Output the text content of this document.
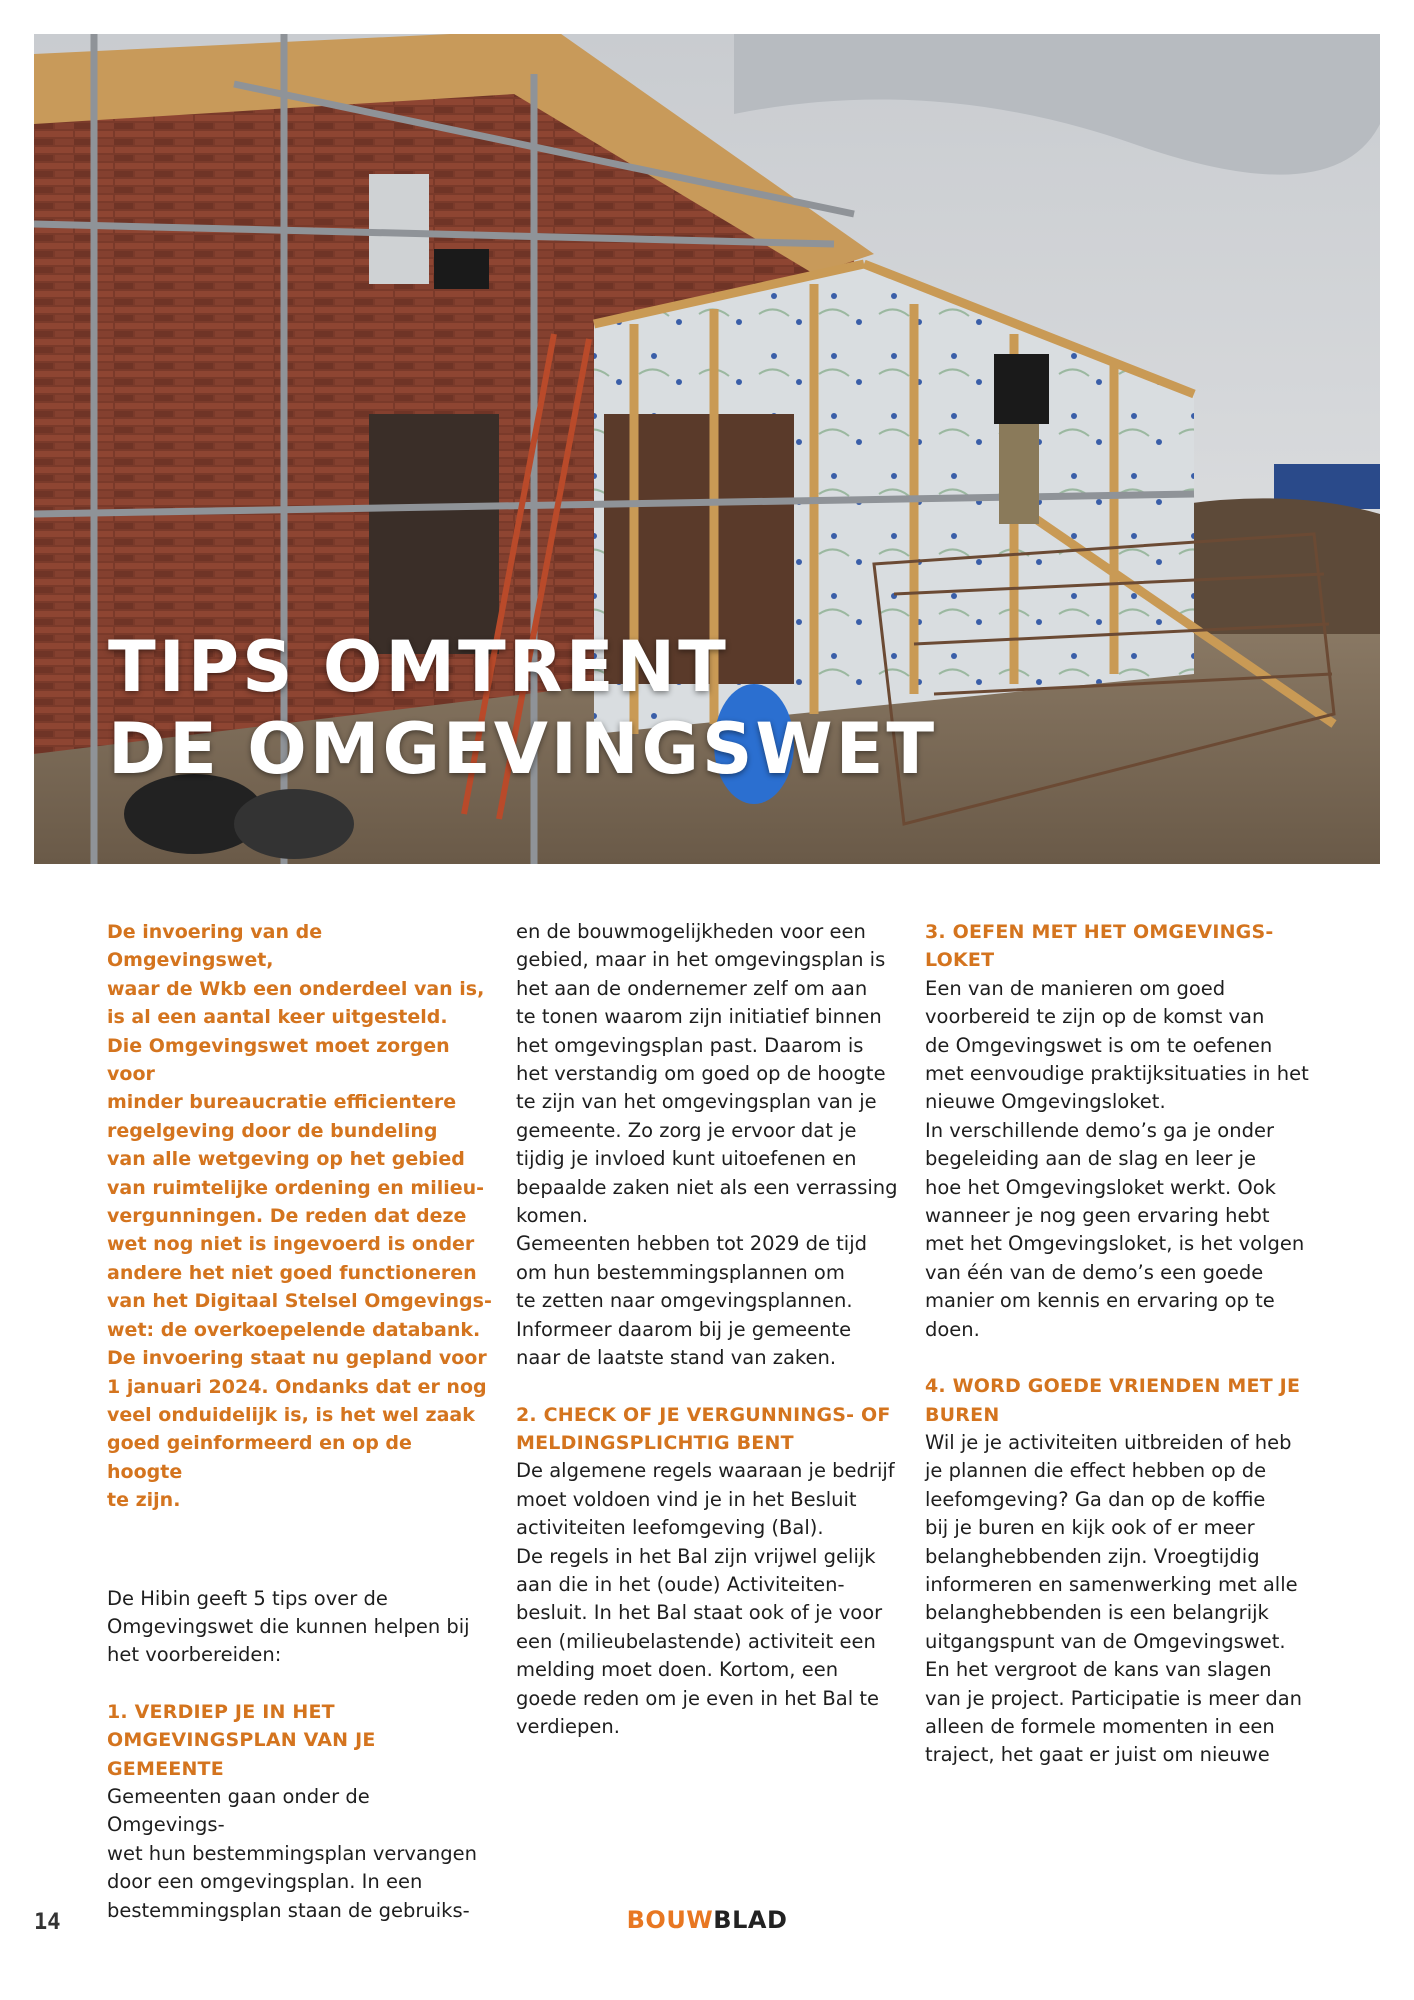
TIPS OMTRENT
DE OMGEVINGSWET

De invoering van de Omgevingswet,

waar de Wkb een onderdeel van is,

is al een aantal keer uitgesteld.

Die Omgevingswet moet zorgen voor

minder bureaucratie efficientere

regelgeving door de bundeling

van alle wetgeving op het gebied

van ruimtelijke ordening en milieu-

vergunningen. De reden dat deze

wet nog niet is ingevoerd is onder

andere het niet goed functioneren

van het Digitaal Stelsel Omgevings-

wet: de overkoepelende databank.

De invoering staat nu gepland voor

1 januari 2024. Ondanks dat er nog

veel onduidelijk is, is het wel zaak

goed geinformeerd en op de hoogte

te zijn.

De Hibin geeft 5 tips over de

Omgevingswet die kunnen helpen bij

het voorbereiden:

1. VERDIEP JE IN HET

OMGEVINGSPLAN VAN JE GEMEENTE

Gemeenten gaan onder de Omgevings-

wet hun bestemmingsplan vervangen

door een omgevingsplan. In een

bestemmingsplan staan de gebruiks-

en de bouwmogelijkheden voor een

gebied, maar in het omgevingsplan is

het aan de ondernemer zelf om aan

te tonen waarom zijn initiatief binnen

het omgevingsplan past. Daarom is

het verstandig om goed op de hoogte

te zijn van het omgevingsplan van je

gemeente. Zo zorg je ervoor dat je

tijdig je invloed kunt uitoefenen en

bepaalde zaken niet als een verrassing

komen.

Gemeenten hebben tot 2029 de tijd

om hun bestemmingsplannen om

te zetten naar omgevingsplannen.

Informeer daarom bij je gemeente

naar de laatste stand van zaken.

2. CHECK OF JE VERGUNNINGS- OF

MELDINGSPLICHTIG BENT

De algemene regels waaraan je bedrijf

moet voldoen vind je in het Besluit

activiteiten leefomgeving (Bal).

De regels in het Bal zijn vrijwel gelijk

aan die in het (oude) Activiteiten-

besluit. In het Bal staat ook of je voor

een (milieubelastende) activiteit een

melding moet doen. Kortom, een

goede reden om je even in het Bal te

verdiepen.

3. OEFEN MET HET OMGEVINGS-

LOKET

Een van de manieren om goed

voorbereid te zijn op de komst van

de Omgevingswet is om te oefenen

met eenvoudige praktijksituaties in het

nieuwe Omgevingsloket.

In verschillende demo’s ga je onder

begeleiding aan de slag en leer je

hoe het Omgevingsloket werkt. Ook

wanneer je nog geen ervaring hebt

met het Omgevingsloket, is het volgen

van één van de demo’s een goede

manier om kennis en ervaring op te

doen.

4. WORD GOEDE VRIENDEN MET JE

BUREN

Wil je je activiteiten uitbreiden of heb

je plannen die effect hebben op de

leefomgeving? Ga dan op de koffie

bij je buren en kijk ook of er meer

belanghebbenden zijn. Vroegtijdig

informeren en samenwerking met alle

belanghebbenden is een belangrijk

uitgangspunt van de Omgevingswet.

En het vergroot de kans van slagen

van je project. Participatie is meer dan

alleen de formele momenten in een

traject, het gaat er juist om nieuwe

14	BOUWBLAD
